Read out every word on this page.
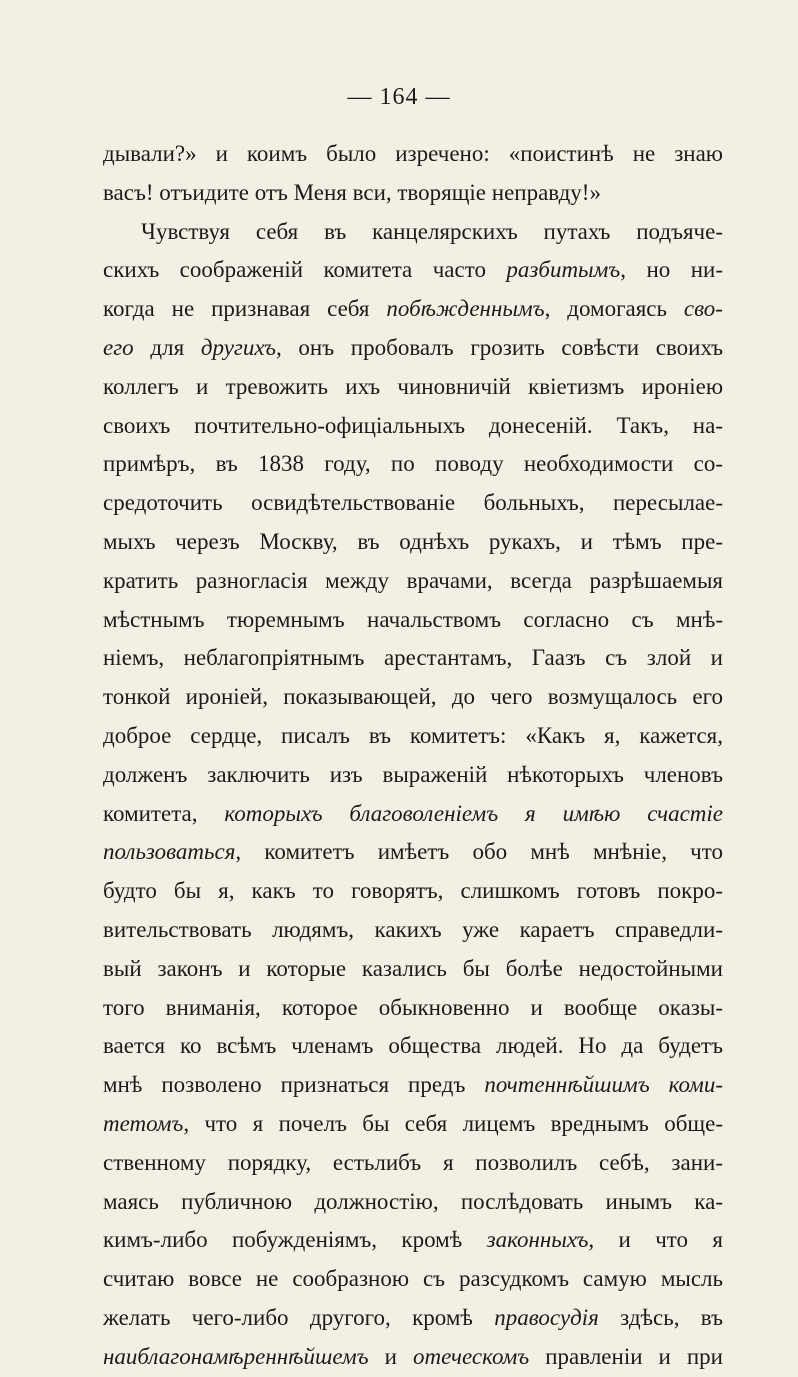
— 164 —
дывали?» и коимъ было изречено: «поистинѣ не знаю
васъ! отъидите отъ Меня вси, творящіе неправду!»
Чувствуя себя въ канцелярскихъ путахъ подъяче-
скихъ соображеній комитета часто разбитымъ, но ни-
когда не признавая себя побѣжденнымъ, домогаясь сво-
его для другихъ, онъ пробовалъ грозить совѣсти своихъ
коллегъ и тревожить ихъ чиновничій квіетизмъ ироніею
своихъ почтительно-офиціальныхъ донесеній. Такъ, на-
примѣръ, въ 1838 году, по поводу необходимости со-
средоточить освидѣтельствованіе больныхъ, пересылае-
мыхъ черезъ Москву, въ однѣхъ рукахъ, и тѣмъ пре-
кратить разногласія между врачами, всегда разрѣшаемыя
мѣстнымъ тюремнымъ начальствомъ согласно съ мнѣ-
ніемъ, неблагопріятнымъ арестантамъ, Гаазъ съ злой и
тонкой ироніей, показывающей, до чего возмущалось его
доброе сердце, писалъ въ комитетъ: «Какъ я, кажется,
долженъ заключить изъ выраженій нѣкоторыхъ членовъ
комитета, которыхъ благоволеніемъ я имѣю счастіе
пользоваться, комитетъ имѣетъ обо мнѣ мнѣніе, что
будто бы я, какъ то говорятъ, слишкомъ готовъ покро-
вительствовать людямъ, какихъ уже караетъ справедли-
вый законъ и которые казались бы болѣе недостойными
того вниманія, которое обыкновенно и вообще оказы-
вается ко всѣмъ членамъ общества людей. Но да будетъ
мнѣ позволено признаться предъ почтеннѣйшимъ коми-
тетомъ, что я почелъ бы себя лицемъ вреднымъ обще-
ственному порядку, естьлибъ я позволилъ себѣ, зани-
маясь публичною должностію, послѣдовать инымъ ка-
кимъ-либо побужденіямъ, кромѣ законныхъ, и что я
считаю вовсе не сообразною съ разсудкомъ самую мысль
желать чего-либо другого, кромѣ правосудія здѣсь, въ
наиблагонамѣреннѣйшемъ и отеческомъ правленіи и при
